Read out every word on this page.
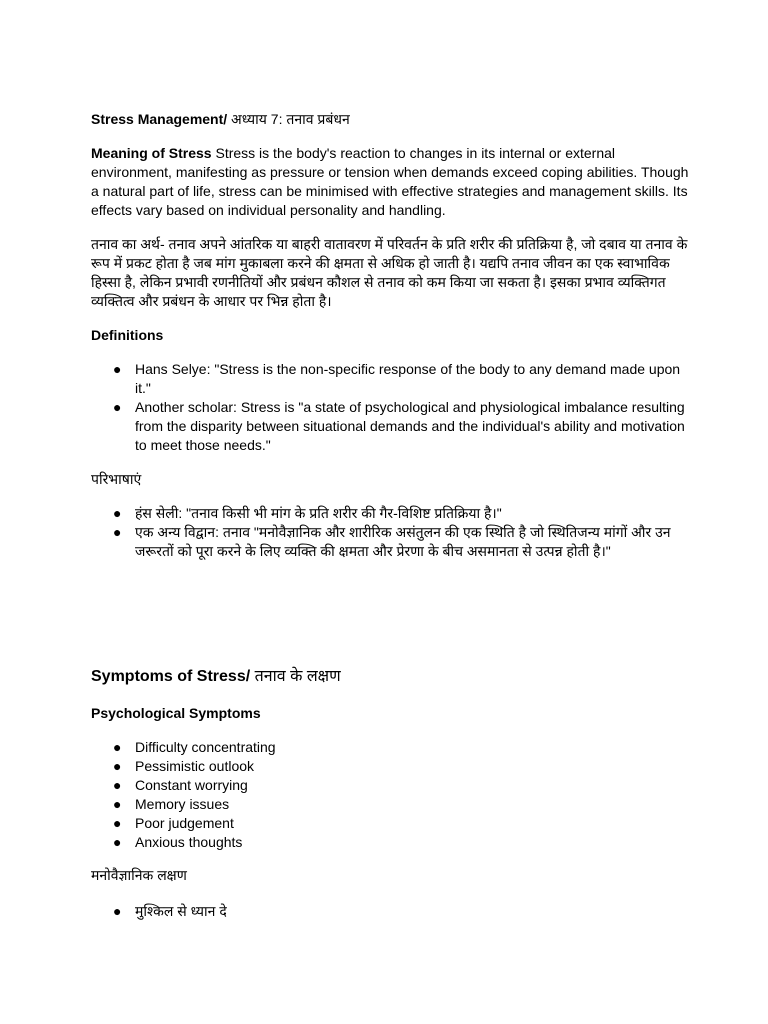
Stress Management/ अध्याय 7: तनाव प्रबंधन
Meaning of Stress Stress is the body's reaction to changes in its internal or external environment, manifesting as pressure or tension when demands exceed coping abilities. Though a natural part of life, stress can be minimised with effective strategies and management skills. Its effects vary based on individual personality and handling.
तनाव का अर्थ- तनाव अपने आंतरिक या बाहरी वातावरण में परिवर्तन के प्रति शरीर की प्रतिक्रिया है, जो दबाव या तनाव के रूप में प्रकट होता है जब मांग मुकाबला करने की क्षमता से अधिक हो जाती है। यद्यपि तनाव जीवन का एक स्वाभाविक हिस्सा है, लेकिन प्रभावी रणनीतियों और प्रबंधन कौशल से तनाव को कम किया जा सकता है। इसका प्रभाव व्यक्तिगत व्यक्तित्व और प्रबंधन के आधार पर भिन्न होता है।
Definitions
● Hans Selye: "Stress is the non-specific response of the body to any demand made upon it."
● Another scholar: Stress is "a state of psychological and physiological imbalance resulting from the disparity between situational demands and the individual's ability and motivation to meet those needs."
परिभाषाएं
● हंस सेली: "तनाव किसी भी मांग के प्रति शरीर की गैर-विशिष्ट प्रतिक्रिया है।"
● एक अन्य विद्वान: तनाव "मनोवैज्ञानिक और शारीरिक असंतुलन की एक स्थिति है जो स्थितिजन्य मांगों और उन जरूरतों को पूरा करने के लिए व्यक्ति की क्षमता और प्रेरणा के बीच असमानता से उत्पन्न होती है।"
Symptoms of Stress/ तनाव के लक्षण
Psychological Symptoms
● Difficulty concentrating
● Pessimistic outlook
● Constant worrying
● Memory issues
● Poor judgement
● Anxious thoughts
मनोवैज्ञानिक लक्षण
● मुश्किल से ध्यान दे
